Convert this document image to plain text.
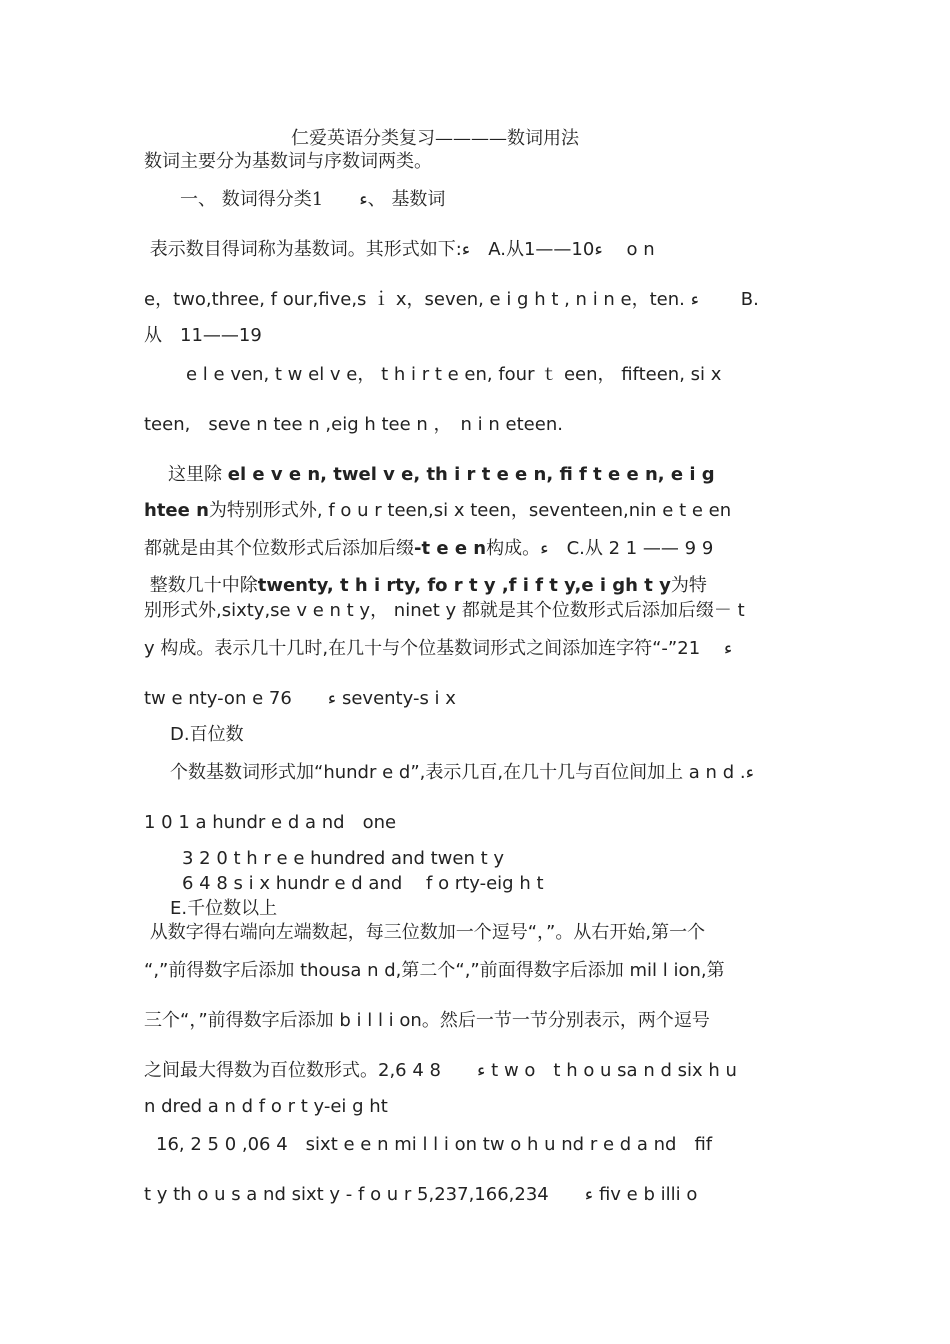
仁爱英语分类复习————数词用法
数词主要分为基数词与序数词两类。
一、 数词得分类1　　ء、 基数词
表示数目得词称为基数词。其形式如下:ء　A.从1——10ء　 o n
e，two,three, f our,five,s ｉ x，seven, e i g h t , n i n e，ten. ء 　　B.
从　11——19
e l e ven, t w el v e， t h i r t e en, four ｔ een， fifteen, si x
teen,　seve n tee n ,eig h tee n ，　n i n eteen.
这里除 el e v e n, twel v e, th i r t e e n, fi f t e e n, e i g
htee n为特别形式外, f o u r teen,si x teen，seventeen,nin e t e en
都就是由其个位数形式后添加后缀-t e e n构成。ء　C.从 2 1 —— 9 9
整数几十中除twenty, t h i rty, fo r t y ,f i f t y,e i gh t y为特
别形式外,sixty,se v e n t y， ninet y 都就是其个位数形式后添加后缀－ t
y 构成。表示几十几时,在几十与个位基数词形式之间添加连字符“-”21　 ء
tw e nty-on e 76　　ء seventy-s i x
D.百位数
个数基数词形式加“hundr e d”,表示几百,在几十几与百位间加上 a n d .ء
1 0 1 a hundr e d a nd　one
3 2 0 t h r e e hundred and twen t y
6 4 8 s i x hundr e d and　 f o rty-eig h t
E.千位数以上
从数字得右端向左端数起，每三位数加一个逗号“，”。从右开始,第一个
“,”前得数字后添加 thousa n d,第二个“,”前面得数字后添加 mil l ion,第
三个“，”前得数字后添加 b i l l i on。然后一节一节分别表示，两个逗号
之间最大得数为百位数形式。2,6 4 8　　ء t w o　t h o u sa n d six h u
n dred a n d f o r t y-ei g ht
16, 2 5 0 ,06 4　sixt e e n mi l l i on tw o h u nd r e d a nd　fif
t y th o u s a nd sixt y - f o u r 5,237,166,234　　ء fiv e b illi o
